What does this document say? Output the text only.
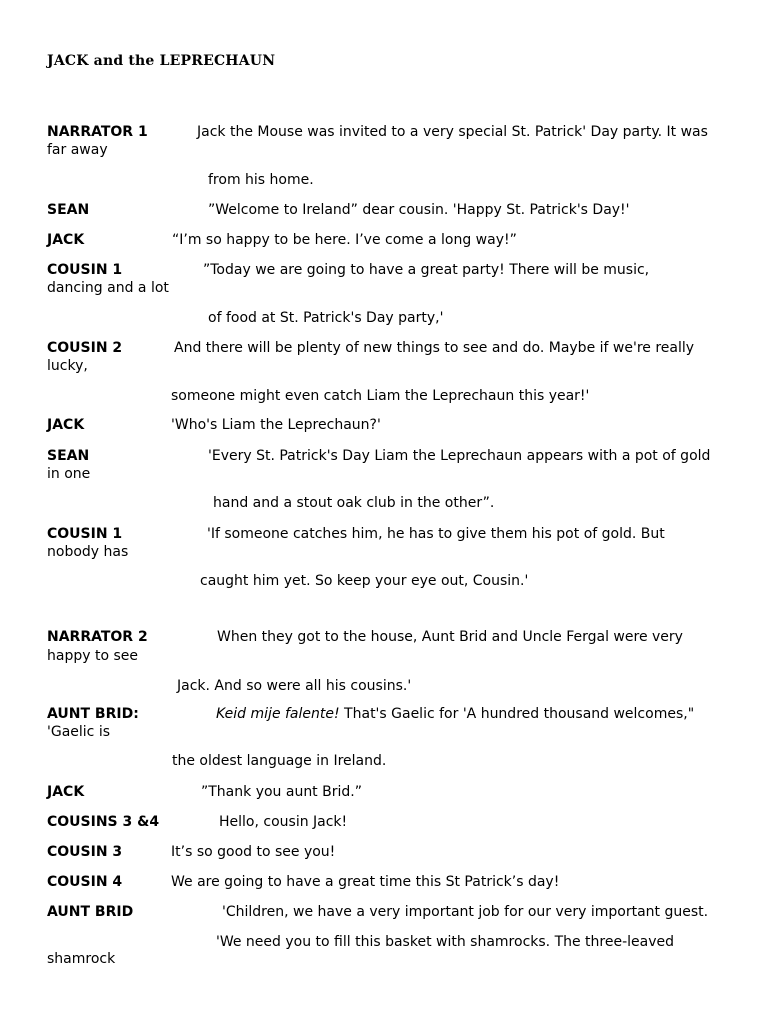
JACK and the LEPRECHAUN
NARRATOR 1	Jack the Mouse was invited to a very special St. Patrick' Day party. It was
far away
from his home.
SEAN	”Welcome to Ireland” dear cousin. 'Happy St. Patrick's Day!'
JACK	“I’m so happy to be here. I’ve come a long way!”
COUSIN 1	”Today we are going to have a great party! There will be music,
dancing and a lot
of food at St. Patrick's Day party,'
COUSIN 2	And there will be plenty of new things to see and do. Maybe if we're really
lucky,
someone might even catch Liam the Leprechaun this year!'
JACK	'Who's Liam the Leprechaun?'
SEAN	'Every St. Patrick's Day Liam the Leprechaun appears with a pot of gold
in one
hand and a stout oak club in the other”.
COUSIN 1	'If someone catches him, he has to give them his pot of gold. But
nobody has
caught him yet. So keep your eye out, Cousin.'
NARRATOR 2	When they got to the house, Aunt Brid and Uncle Fergal were very
happy to see
Jack. And so were all his cousins.'
AUNT BRID:	Keid mije falente! That's Gaelic for 'A hundred thousand welcomes,"
'Gaelic is
the oldest language in Ireland.
JACK	”Thank you aunt Brid.”
COUSINS 3 &4	Hello, cousin Jack!
COUSIN 3	It’s so good to see you!
COUSIN 4	We are going to have a great time this St Patrick’s day!
AUNT BRID	'Children, we have a very important job for our very important guest.
'We need you to fill this basket with shamrocks. The three-leaved
shamrock
